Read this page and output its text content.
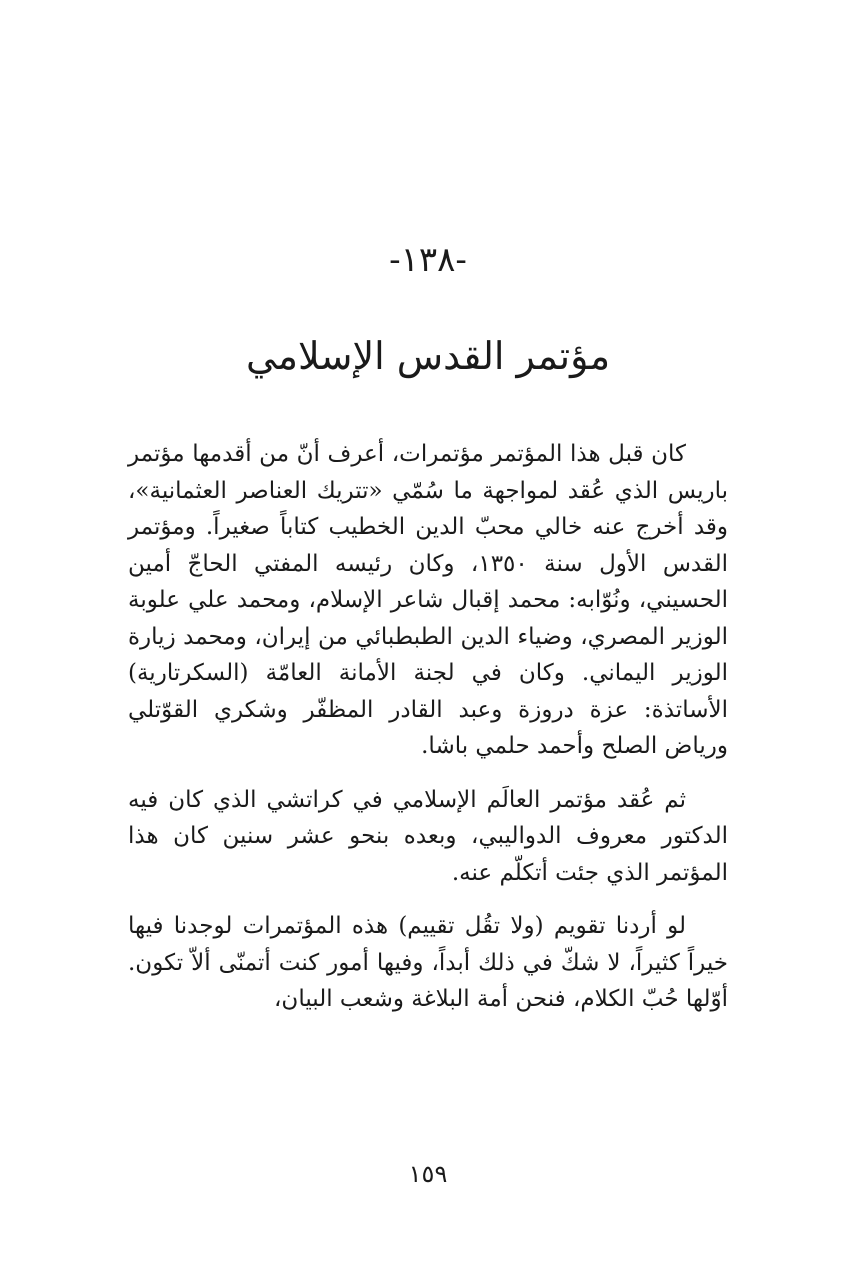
-١٣٨-
مؤتمر القدس الإسلامي

كان قبل هذا المؤتمر مؤتمرات، أعرف أنّ من أقدمها مؤتمر باريس الذي عُقد لمواجهة ما سُمّي «تتريك العناصر العثمانية»، وقد أخرج عنه خالي محبّ الدين الخطيب كتاباً صغيراً. ومؤتمر القدس الأول سنة ١٣٥٠، وكان رئيسه المفتي الحاجّ أمين الحسيني، ونُوّابه: محمد إقبال شاعر الإسلام، ومحمد علي علوبة الوزير المصري، وضياء الدين الطبطبائي من إيران، ومحمد زيارة الوزير اليماني. وكان في لجنة الأمانة العامّة (السكرتارية) الأساتذة: عزة دروزة وعبد القادر المظفّر وشكري القوّتلي ورياض الصلح وأحمد حلمي باشا.

ثم عُقد مؤتمر العالَم الإسلامي في كراتشي الذي كان فيه الدكتور معروف الدواليبي، وبعده بنحو عشر سنين كان هذا المؤتمر الذي جئت أتكلّم عنه.

لو أردنا تقويم (ولا تقُل تقييم) هذه المؤتمرات لوجدنا فيها خيراً كثيراً، لا شكّ في ذلك أبداً، وفيها أمور كنت أتمنّى ألاّ تكون. أوّلها حُبّ الكلام، فنحن أمة البلاغة وشعب البيان،

١٥٩
